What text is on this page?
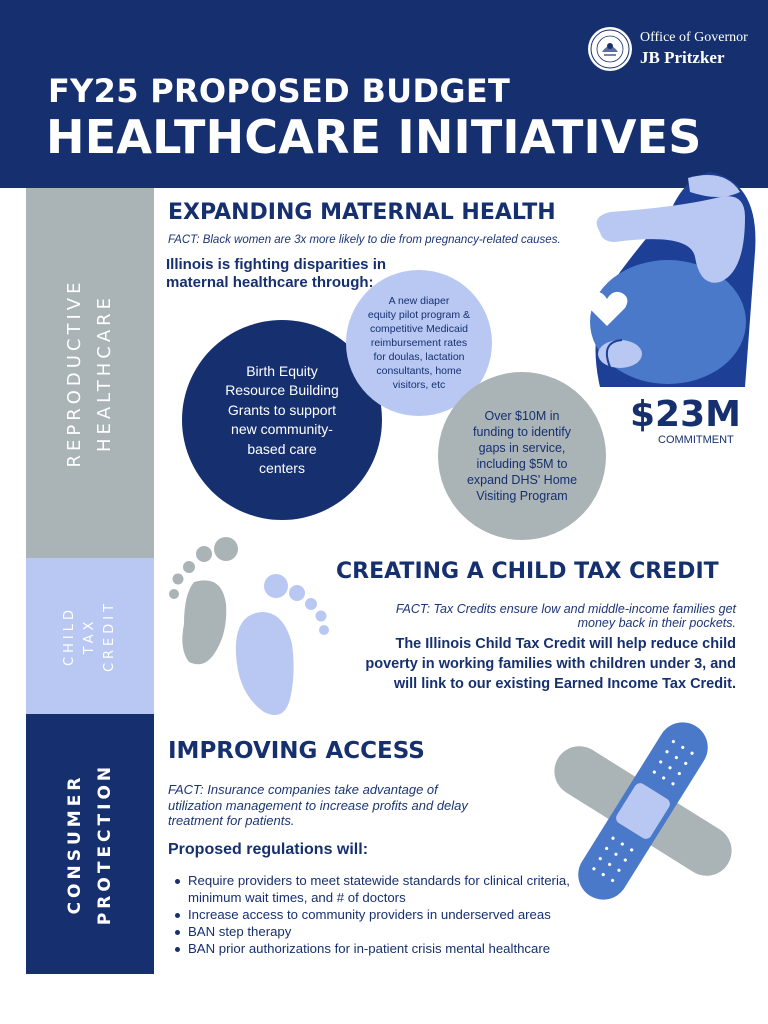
Office of Governor
JB Pritzker
FY25 PROPOSED BUDGET
HEALTHCARE INITIATIVES
REPRODUCTIVE HEALTHCARE
CHILD TAX CREDIT
CONSUMER PROTECTION
EXPANDING MATERNAL HEALTH
FACT: Black women are 3x more likely to die from pregnancy-related causes.
Illinois is fighting disparities in
maternal healthcare through:
Birth Equity
Resource Building
Grants to support
new community-
based care
centers
A new diaper
equity pilot program &
competitive Medicaid
reimbursement rates
for doulas, lactation
consultants, home
visitors, etc
Over $10M in
funding to identify
gaps in service,
including $5M to
expand DHS' Home
Visiting Program
$23M
COMMITMENT
CREATING A CHILD TAX CREDIT
FACT: Tax Credits ensure low and middle-income families get
money back in their pockets.
The Illinois Child Tax Credit will help reduce child
poverty in working families with children under 3, and
will link to our existing Earned Income Tax Credit.
IMPROVING ACCESS
FACT: Insurance companies take advantage of
utilization management to increase profits and delay
treatment for patients.
Proposed regulations will:
Require providers to meet statewide standards for clinical criteria, minimum wait times, and # of doctors
Increase access to community providers in underserved areas
BAN step therapy
BAN prior authorizations for in-patient crisis mental healthcare
